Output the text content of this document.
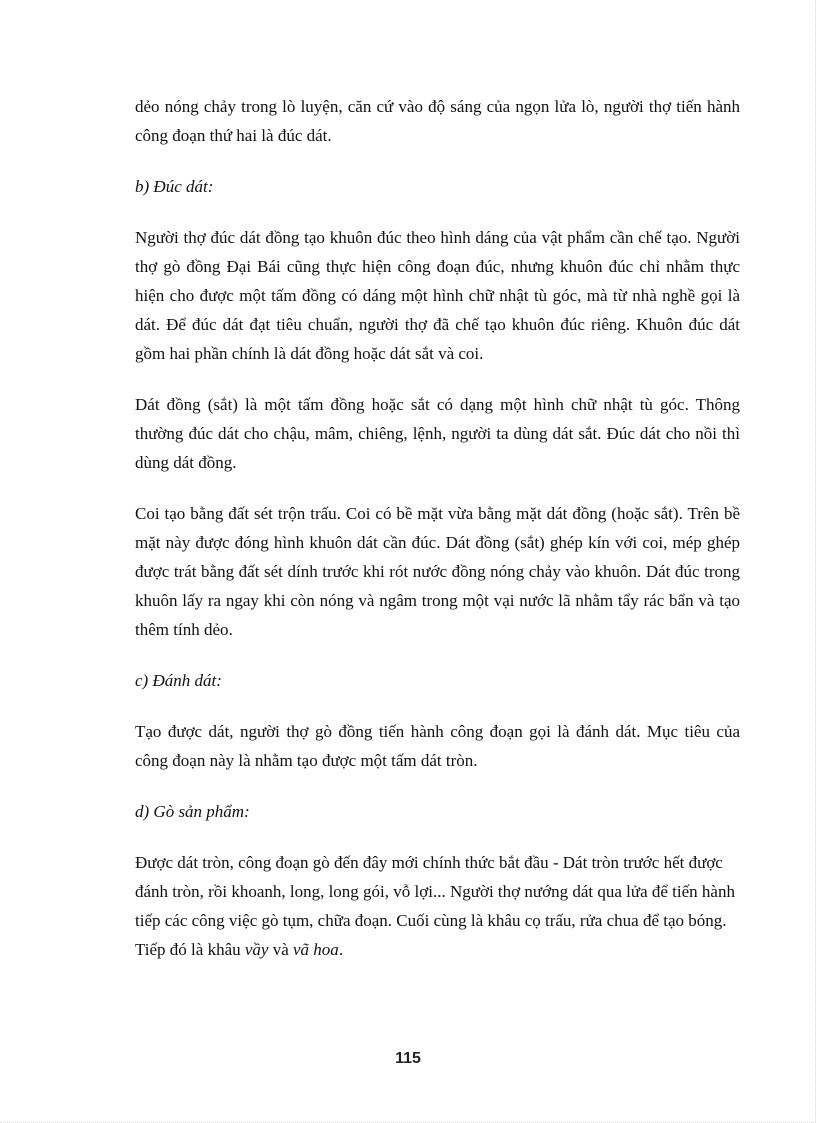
dẻo nóng chảy trong lò luyện, căn cứ vào độ sáng của ngọn lửa lò, người thợ tiến hành công đoạn thứ hai là đúc dát.

b) Đúc dát:

Người thợ đúc dát đồng tạo khuôn đúc theo hình dáng của vật phẩm cần chế tạo. Người thợ gò đồng Đại Bái cũng thực hiện công đoạn đúc, nhưng khuôn đúc chỉ nhằm thực hiện cho được một tấm đồng có dáng một hình chữ nhật tù góc, mà từ nhà nghề gọi là dát. Để đúc dát đạt tiêu chuẩn, người thợ đã chế tạo khuôn đúc riêng. Khuôn đúc dát gồm hai phần chính là dát đồng hoặc dát sắt và coi.

Dát đồng (sắt) là một tấm đồng hoặc sắt có dạng một hình chữ nhật tù góc. Thông thường đúc dát cho chậu, mâm, chiêng, lệnh, người ta dùng dát sắt. Đúc dát cho nồi thì dùng dát đồng.

Coi tạo bằng đất sét trộn trấu. Coi có bề mặt vừa bằng mặt dát đồng (hoặc sắt). Trên bề mặt này được đóng hình khuôn dát cần đúc. Dát đồng (sắt) ghép kín với coi, mép ghép được trát bằng đất sét dính trước khi rót nước đồng nóng chảy vào khuôn. Dát đúc trong khuôn lấy ra ngay khi còn nóng và ngâm trong một vại nước lã nhằm tẩy rác bẩn và tạo thêm tính dẻo.

c) Đánh dát:

Tạo được dát, người thợ gò đồng tiến hành công đoạn gọi là đánh dát. Mục tiêu của công đoạn này là nhằm tạo được một tấm dát tròn.

d) Gò sản phẩm:

Được dát tròn, công đoạn gò đến đây mới chính thức bắt đầu - Dát tròn trước hết được đánh tròn, rồi khoanh, long, long gói, vỗ lợi... Người thợ nướng dát qua lửa để tiến hành tiếp các công việc gò tụm, chữa đoạn. Cuối cùng là khâu cọ trấu, rửa chua để tạo bóng. Tiếp đó là khâu vầy và vã hoa.

115
